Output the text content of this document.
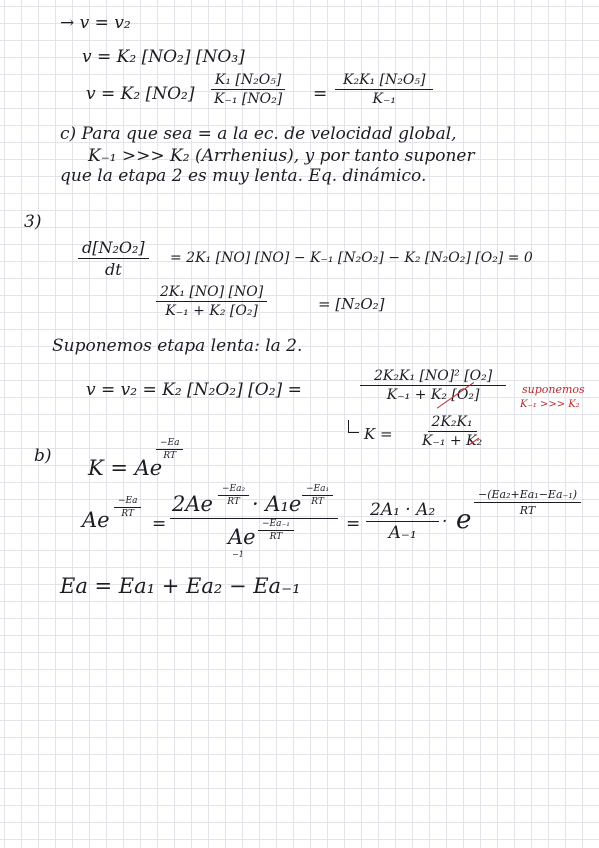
→ v = v₂
v = K₂ [NO₂] [NO₃]
v = K₂ $[NO_2] \frac{\text{K₁ [N₂O₅]}}{\text{K₋₁ [NO₂]}} = \frac{\text{K₂K₁ [N₂O₅]}}{\text{K₋₁}}$
c) Para que sea = a la ec. de velocidad global,
K₋₁ >>> K₂ (Arrhenius), y por tanto suponer
que la etapa 2 es muy lenta. Eq. dinámico.
3)
$\frac{\text{d[N₂O₂]}}{dt} = 2K_1$ [NO] [NO] − K₋₁ [N₂O₂] − K₂ [N₂O₂] [O₂] = 0
$\frac{\text{2K₁ [NO] [NO]}}{\text{K₋₁ + K₂ [O₂]}}$	= [N₂O₂]
Suponemos etapa lenta: la 2.
v = v₂ = K₂ [N₂O₂] [O₂] =	$\frac{\text{2K₂K₁ [NO]² [O₂]}}{\text{K₋₁ + K₂ [O₂]}}$ suponemos
K₋₁ >>> K₂
$K = \frac{\text{2K₂K₁}}{\text{K₋₁ + K₂}}$
b) K = Ae
$\frac{-Ea}{RT}$
Ae
$\frac{-Ea}{RT}$
=
$2Ae \frac{\text{−Ea₂}}{RT} \cdot A_1e \frac{\text{−Ea₁}}{RT}$
Ae
−1
$\frac{\text{−Ea₋₁}}{RT}$	= $\frac{\text{2A₁ · A₂}}{\text{A₋₁}} \cdot e$
$\frac{\text{−(Ea₂+Ea₁−Ea₋₁)}}{RT}$
Ea = Ea₁ + Ea₂ − Ea₋₁
